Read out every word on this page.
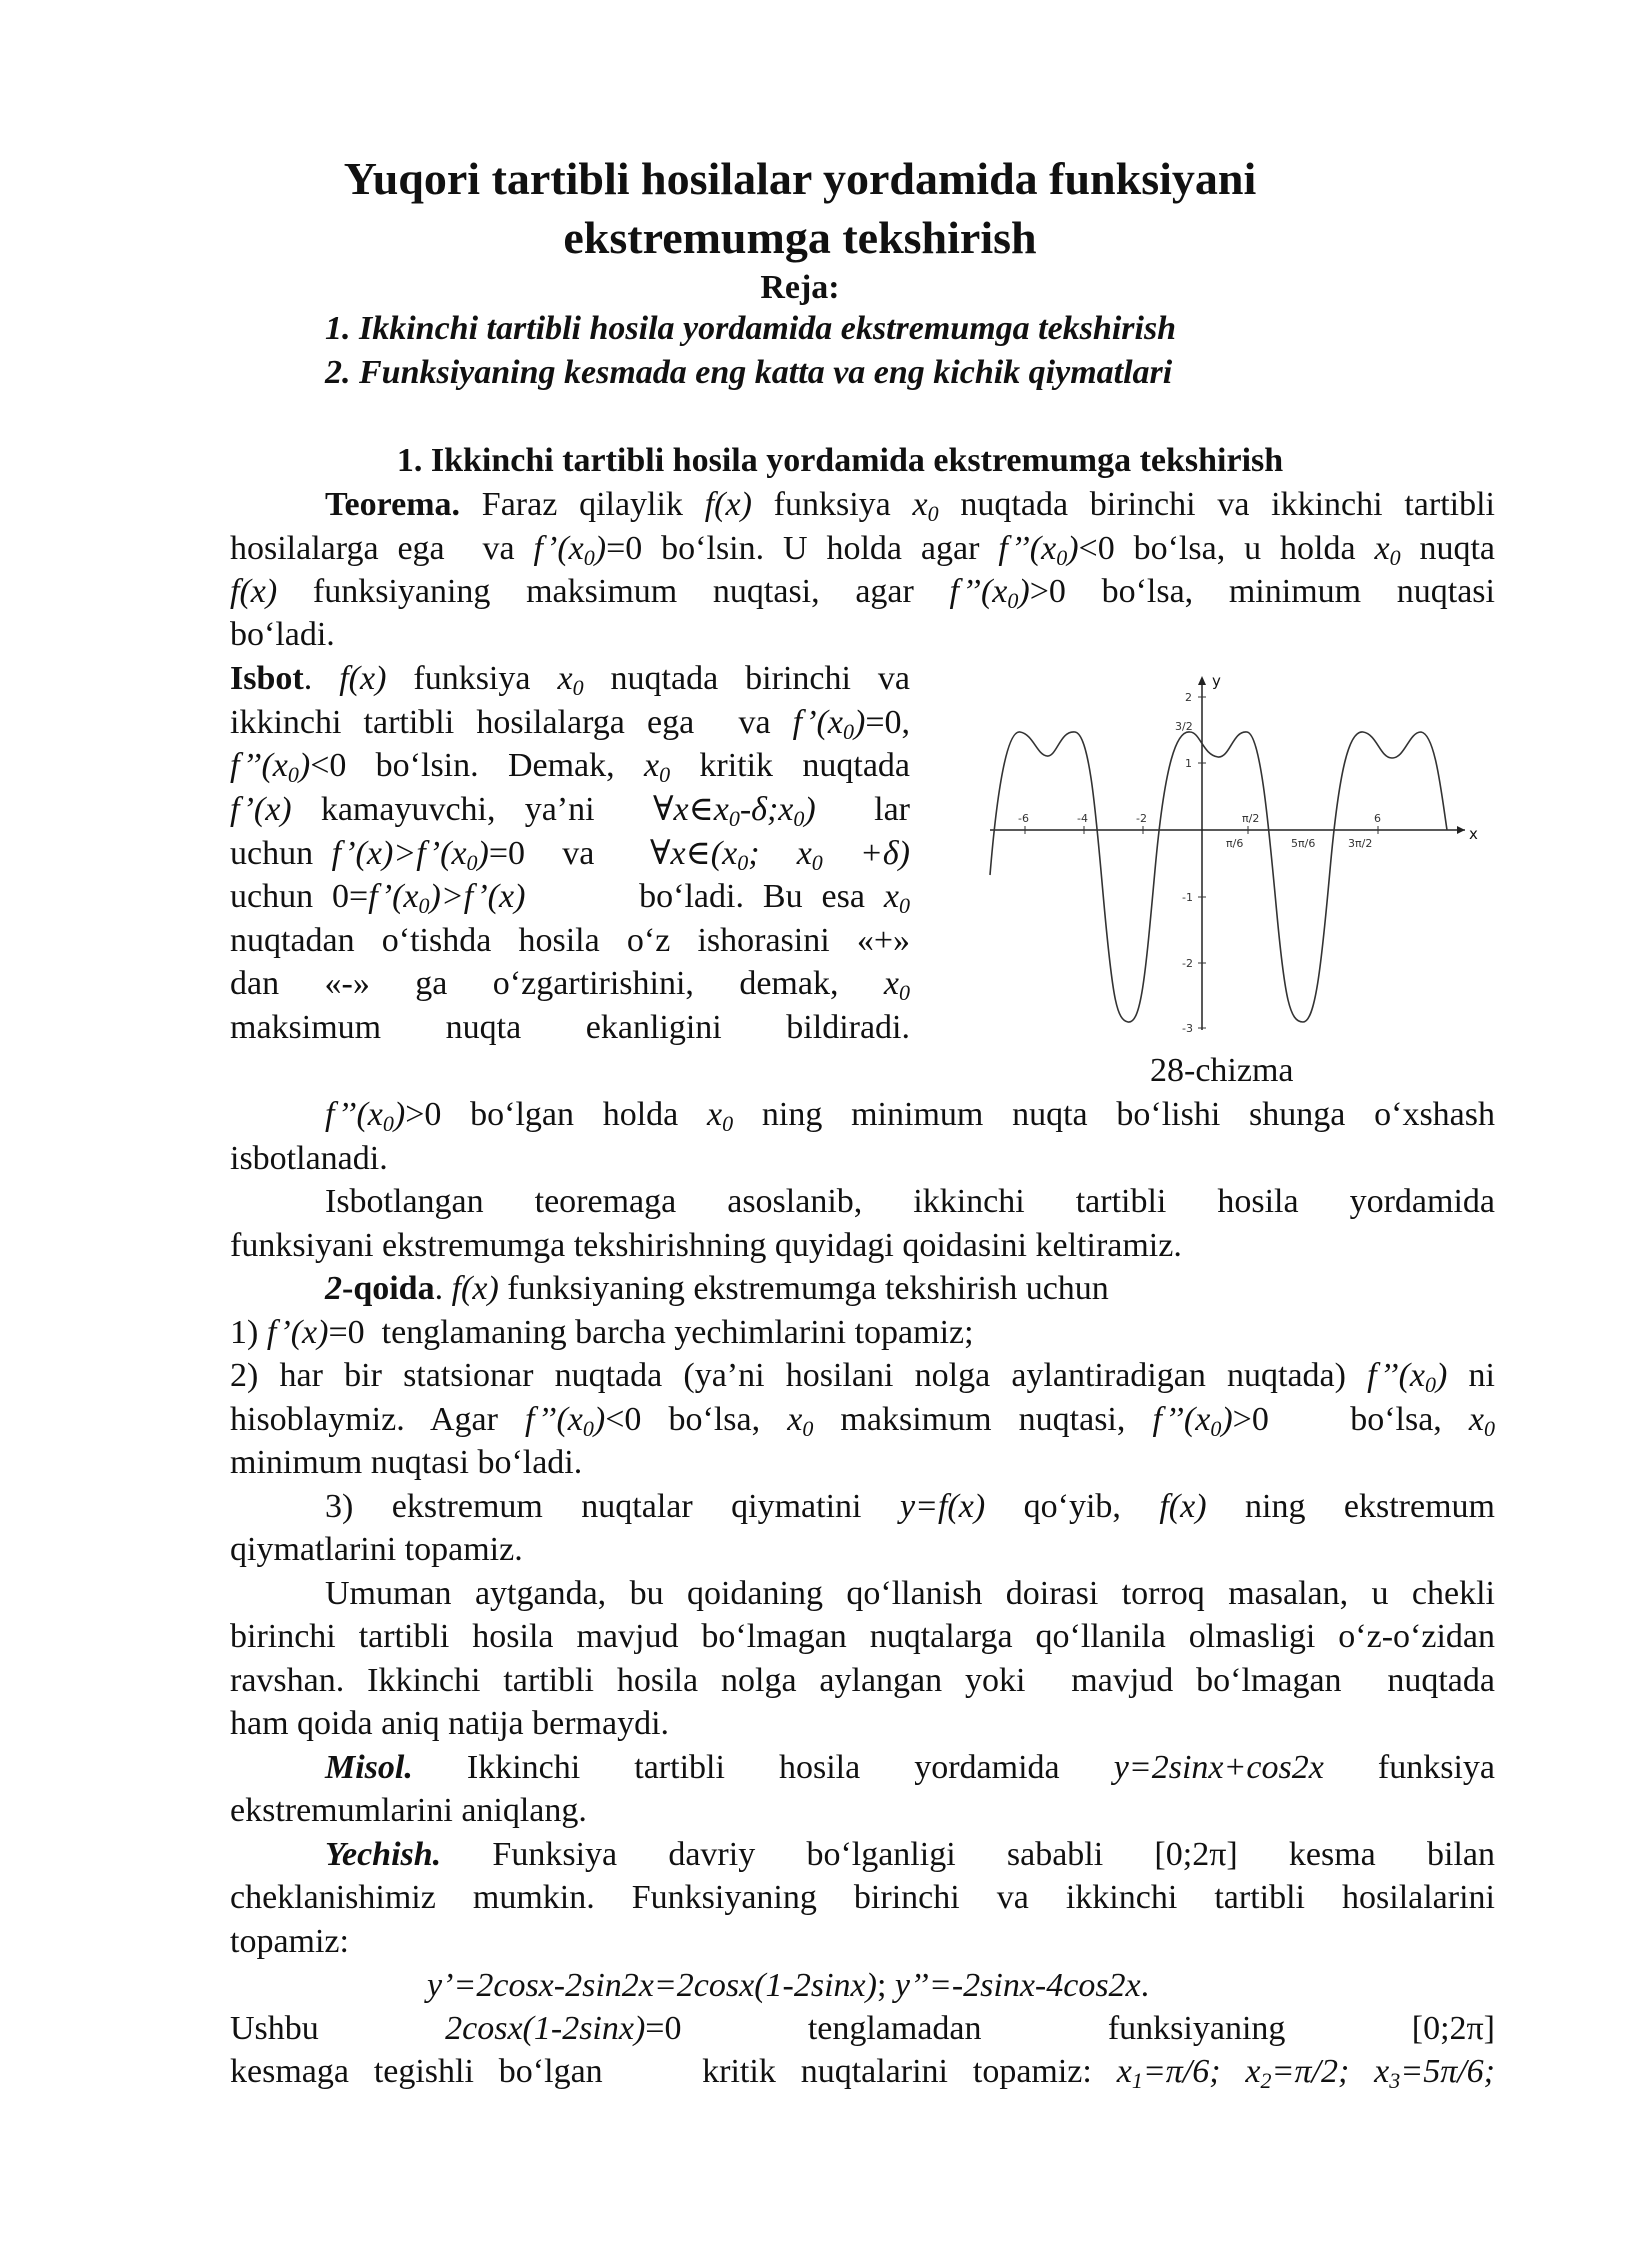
Yuqori tartibli hosilalar yordamida funksiyani
ekstremumga tekshirish
Reja:
1. Ikkinchi tartibli hosila yordamida ekstremumga tekshirish
2. Funksiyaning kesmada eng katta va eng kichik qiymatlari
1. Ikkinchi tartibli hosila yordamida ekstremumga tekshirish
Teorema. Faraz qilaylik f(x) funksiya $x_0$ nuqtada birinchi va ikkinchi tartibli
hosilalarga ega  va $f’(x_0)=0$ bo‘lsin. U holda agar $f’’(x_0)<0$ bo‘lsa, u holda $x_0$ nuqta
f(x) funksiyaning maksimum nuqtasi, agar $f’’(x_0)>0$ bo‘lsa, minimum nuqtasi
bo‘ladi.
Isbot. f(x) funksiya $x_0$ nuqtada birinchi va
ikkinchi tartibli hosilalarga ega  va $f’(x_0)=0$,
$f’’(x_0)<0$ bo‘lsin. Demak, $x_0$ kritik nuqtada
f’(x) kamayuvchi, ya’ni  $\forall x\in x_0-\delta;x_0$)  lar
uchun $f’(x)>f’(x_0)=0$  va   $\forall x\in(x_0$;  $x_0 +\delta$)
uchun $0=f’(x_0)>f’(x)$      bo‘ladi. Bu esa $x_0$
nuqtadan o‘tishda hosila o‘z ishorasini «+»
dan  «-»  ga  o‘zgartirishini,  demak,  $x_0$
maksimum   nuqta   ekanligini   bildiradi.
x
y
-6	-4	-2	π/2	6
π/6	5π/6	3π/2
2
3/2
1
-1
-2
-3
28-chizma
$f’’(x_0)>0$ bo‘lgan holda $x_0$ ning minimum nuqta bo‘lishi shunga o‘xshash
isbotlanadi.
Isbotlangan teoremaga asoslanib, ikkinchi tartibli hosila yordamida
funksiyani ekstremumga tekshirishning quyidagi qoidasini keltiramiz.
2-qoida. f(x) funksiyaning ekstremumga tekshirish uchun
1) f’(x)=0  tenglamaning barcha yechimlarini topamiz;
2) har bir statsionar nuqtada (ya’ni hosilani nolga aylantiradigan nuqtada) $f’’(x_0)$ ni
hisoblaymiz. Agar $f’’(x_0)<0$ bo‘lsa, $x_0$ maksimum nuqtasi, $f’’(x_0)>0$   bo‘lsa, $x_0$
minimum nuqtasi bo‘ladi.
3) ekstremum nuqtalar qiymatini y=f(x) qo‘yib, f(x) ning ekstremum
qiymatlarini topamiz.
Umuman aytganda, bu qoidaning qo‘llanish doirasi torroq masalan, u chekli
birinchi tartibli hosila mavjud bo‘lmagan nuqtalarga qo‘llanila olmasligi o‘z-o‘zidan
ravshan. Ikkinchi tartibli hosila nolga aylangan yoki  mavjud bo‘lmagan  nuqtada
ham qoida aniq natija bermaydi.
Misol. Ikkinchi tartibli hosila yordamida y=2sinx+cos2x funksiya
ekstremumlarini aniqlang.
Yechish. Funksiya davriy bo‘lganligi sababli [0;2π] kesma bilan
cheklanishimiz mumkin. Funksiyaning birinchi va ikkinchi tartibli hosilalarini
topamiz:
y’=2cosx-2sin2x=2cosx(1-2sinx); y’’=-2sinx-4cos2x.
Ushbu     2cosx(1-2sinx)=0     tenglamadan     funksiyaning     [0;2π]
kesmaga tegishli bo‘lgan    kritik nuqtalarini topamiz: $x_1=\pi/6$; $x_2=\pi/2$; $x_3=5\pi/6$;
